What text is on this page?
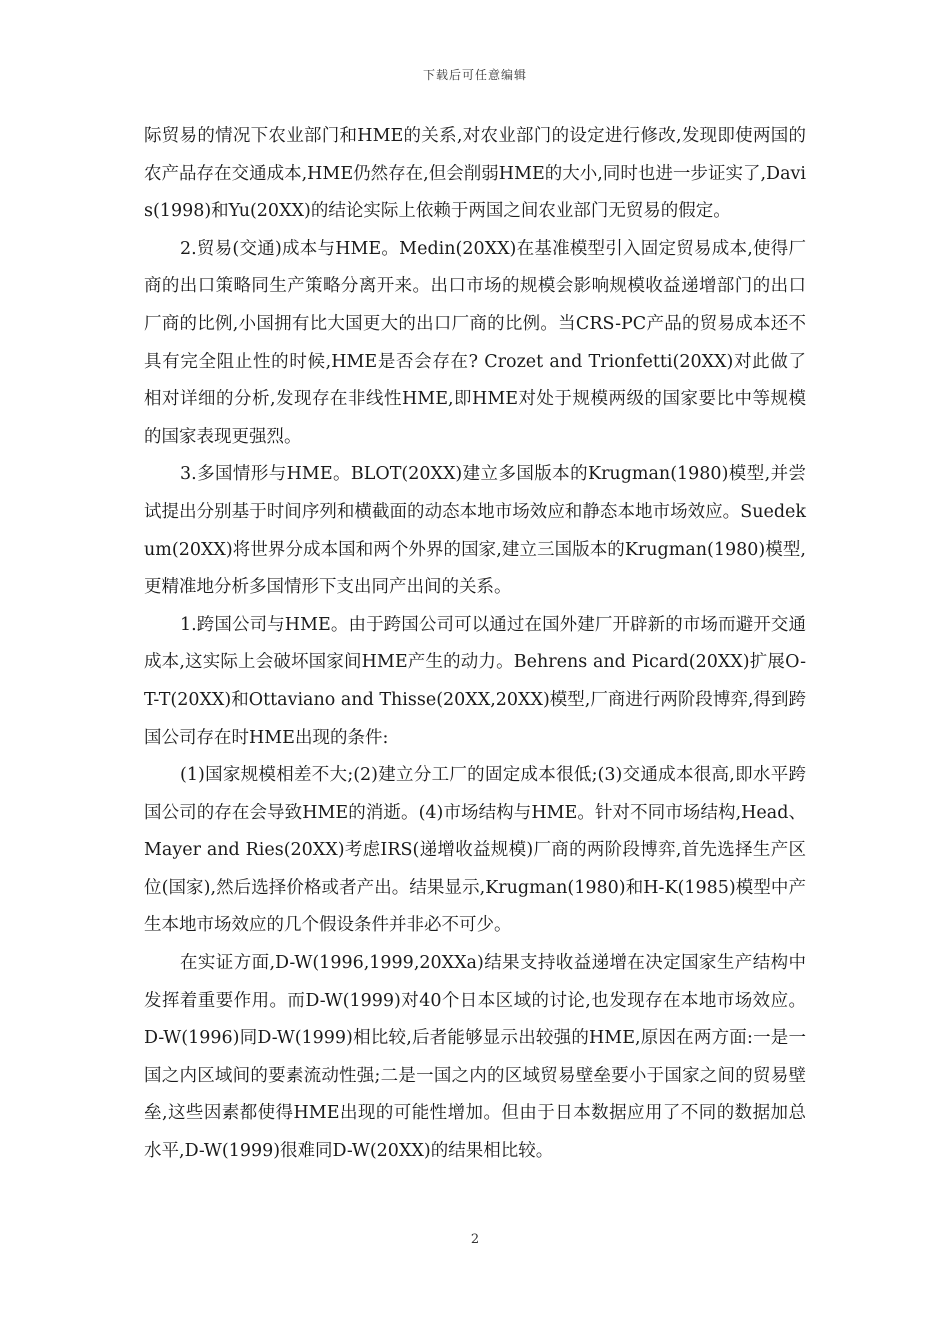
下载后可任意编辑

际贸易的情况下农业部门和HME的关系,对农业部门的设定进行修改,发现即使两国的农产品存在交通成本,HME仍然存在,但会削弱HME的大小,同时也进一步证实了,Davis(1998)和Yu(20XX)的结论实际上依赖于两国之间农业部门无贸易的假定。

2.贸易(交通)成本与HME。Medin(20XX)在基准模型引入固定贸易成本,使得厂商的出口策略同生产策略分离开来。出口市场的规模会影响规模收益递增部门的出口厂商的比例,小国拥有比大国更大的出口厂商的比例。当CRS-PC产品的贸易成本还不具有完全阻止性的时候,HME是否会存在? Crozet and Trionfetti(20XX)对此做了相对详细的分析,发现存在非线性HME,即HME对处于规模两级的国家要比中等规模的国家表现更强烈。

3.多国情形与HME。BLOT(20XX)建立多国版本的Krugman(1980)模型,并尝试提出分别基于时间序列和横截面的动态本地市场效应和静态本地市场效应。Suedekum(20XX)将世界分成本国和两个外界的国家,建立三国版本的Krugman(1980)模型,更精准地分析多国情形下支出同产出间的关系。

1.跨国公司与HME。由于跨国公司可以通过在国外建厂开辟新的市场而避开交通成本,这实际上会破坏国家间HME产生的动力。Behrens and Picard(20XX)扩展O-T-T(20XX)和Ottaviano and Thisse(20XX,20XX)模型,厂商进行两阶段博弈,得到跨国公司存在时HME出现的条件:

(1)国家规模相差不大;(2)建立分工厂的固定成本很低;(3)交通成本很高,即水平跨国公司的存在会导致HME的消逝。(4)市场结构与HME。针对不同市场结构,Head、Mayer and Ries(20XX)考虑IRS(递增收益规模)厂商的两阶段博弈,首先选择生产区位(国家),然后选择价格或者产出。结果显示,Krugman(1980)和H-K(1985)模型中产生本地市场效应的几个假设条件并非必不可少。

在实证方面,D-W(1996,1999,20XXa)结果支持收益递增在决定国家生产结构中发挥着重要作用。而D-W(1999)对40个日本区域的讨论,也发现存在本地市场效应。D-W(1996)同D-W(1999)相比较,后者能够显示出较强的HME,原因在两方面:一是一国之内区域间的要素流动性强;二是一国之内的区域贸易壁垒要小于国家之间的贸易壁垒,这些因素都使得HME出现的可能性增加。但由于日本数据应用了不同的数据加总水平,D-W(1999)很难同D-W(20XX)的结果相比较。

2
